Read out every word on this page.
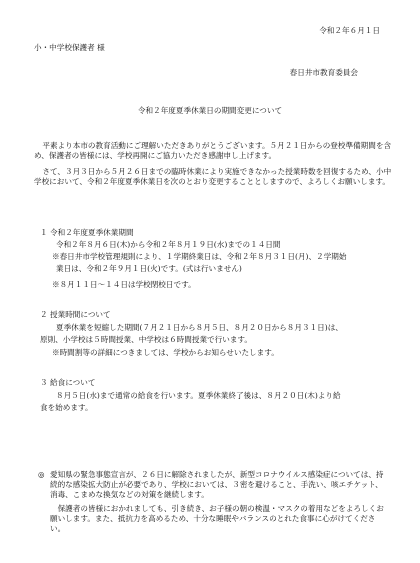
令和２年６月１日
小・中学校保護者 様
春日井市教育委員会
令和２年度夏季休業日の期間変更について
平素より本市の教育活動にご理解いただきありがとうございます。５月２１日からの登校準備期間を含め、保護者の皆様には、学校再開にご協力いただき感謝申し上げます。
さて、３月３日から５月２６日までの臨時休業により実施できなかった授業時数を回復するため、小中学校において、令和２年度夏季休業日を次のとおり変更することとしますので、よろしくお願いします。
１ 令和２年度夏季休業期間
令和２年８月６日(木)から令和２年８月１９日(水)までの１４日間
※春日井市学校管理規則により、１学期終業日は、令和２年８月３１日(月)、２学期始
業日は、令和２年９月１日(火)です。(式は行いません)
※８月１１日～１４日は学校閉校日です。
２ 授業時間について
夏季休業を短縮した期間(７月２１日から８月５日、８月２０日から８月３１日)は、
原則、小学校は５時間授業、中学校は６時間授業で行います。
※時間割等の詳細につきましては、学校からお知らせいたします。
３ 給食について
８月５日(水)まで通常の給食を行います。夏季休業終了後は、８月２０日(木)より給
食を始めます。
◎ 愛知県の緊急事態宣言が、２６日に解除されましたが、新型コロナウイルス感染症については、持続的な感染拡大防止が必要であり、学校においては、３密を避けること、手洗い、咳エチケット、消毒、こまめな換気などの対策を継続します。
保護者の皆様におかれましても、引き続き、お子様の朝の検温・マスクの着用などをよろしくお願いします。また、抵抗力を高めるため、十分な睡眠やバランスのとれた食事に心がけてください。
